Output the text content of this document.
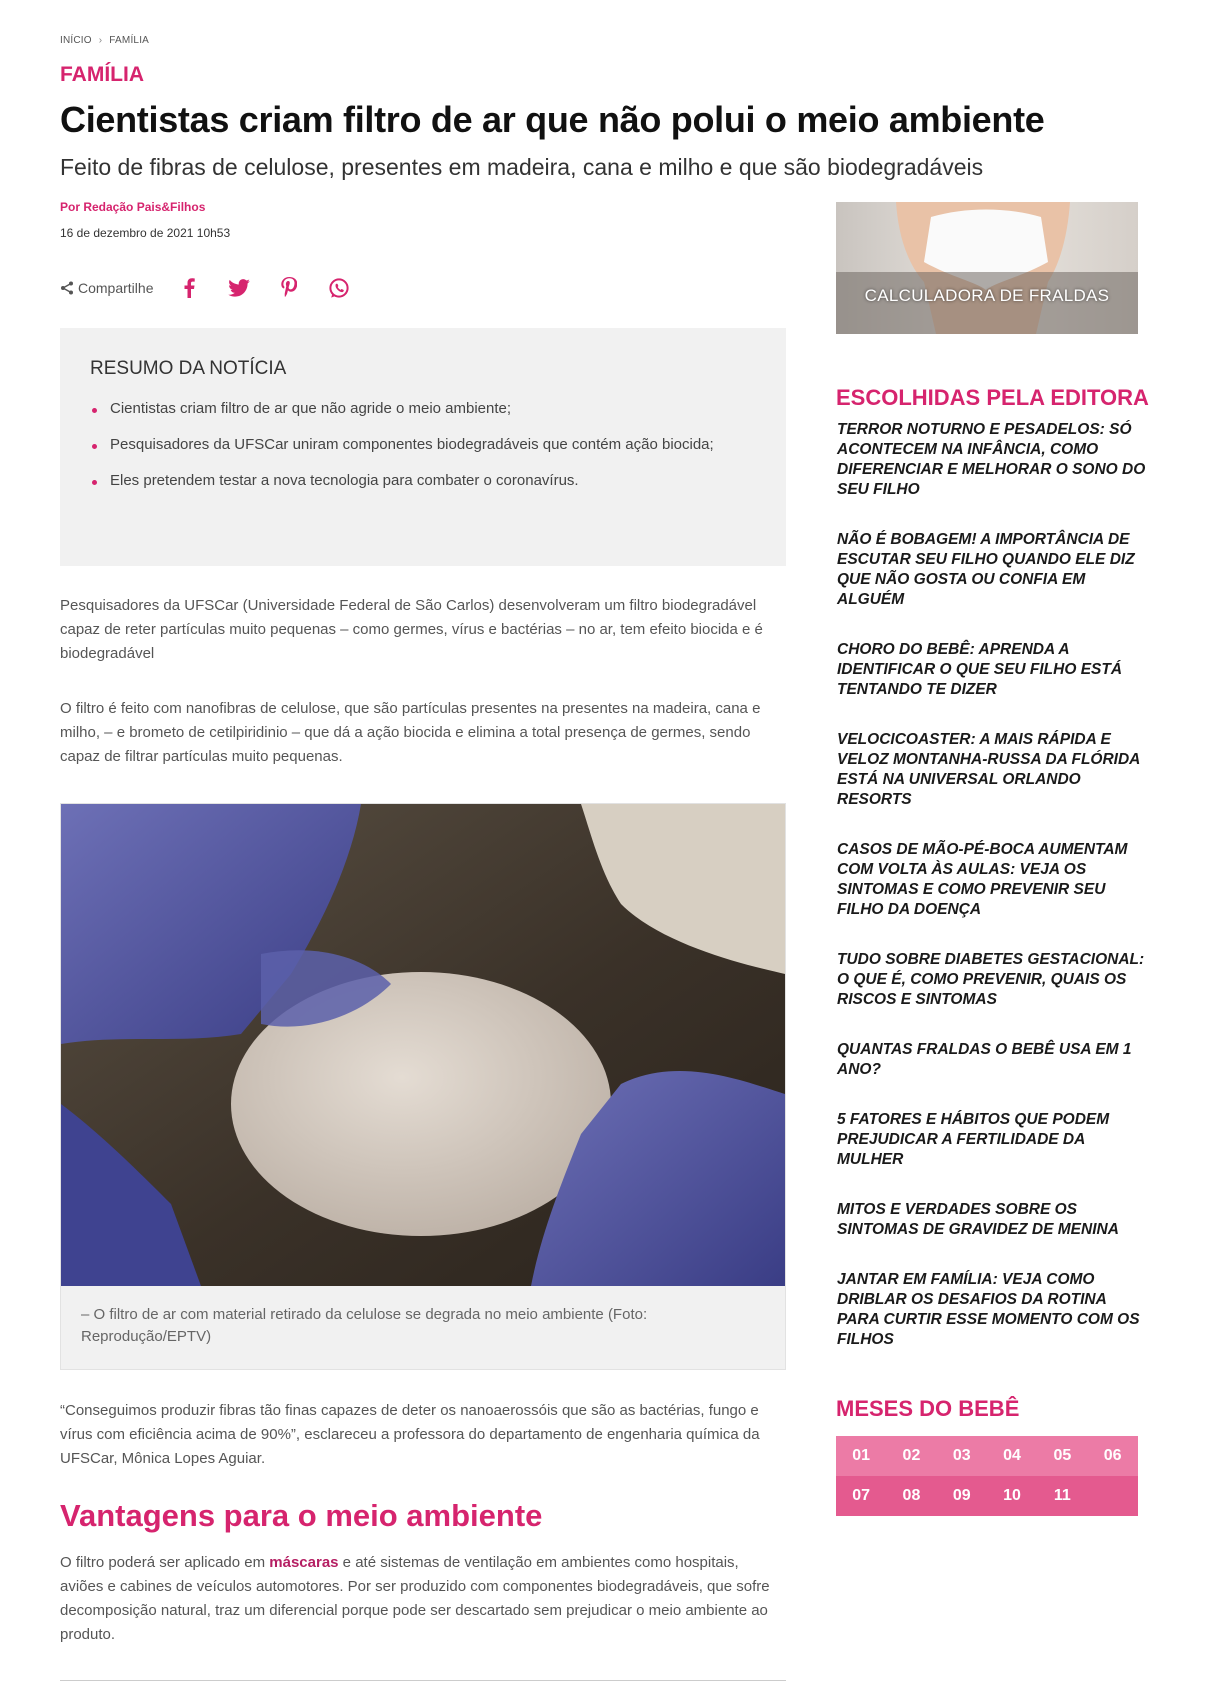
INÍCIO › FAMÍLIA
FAMÍLIA
Cientistas criam filtro de ar que não polui o meio ambiente
Feito de fibras de celulose, presentes em madeira, cana e milho e que são biodegradáveis
Por Redação Pais&Filhos
16 de dezembro de 2021 10h53
Compartilhe
RESUMO DA NOTÍCIA
Cientistas criam filtro de ar que não agride o meio ambiente;
Pesquisadores da UFSCar uniram componentes biodegradáveis que contém ação biocida;
Eles pretendem testar a nova tecnologia para combater o coronavírus.

Pesquisadores da UFSCar (Universidade Federal de São Carlos) desenvolveram um filtro biodegradável capaz de reter partículas muito pequenas – como germes, vírus e bactérias – no ar, tem efeito biocida e é biodegradável

O filtro é feito com nanofibras de celulose, que são partículas presentes na presentes na madeira, cana e milho, – e brometo de cetilpiridinio – que dá a ação biocida e elimina a total presença de germes, sendo capaz de filtrar partículas muito pequenas.

– O filtro de ar com material retirado da celulose se degrada no meio ambiente (Foto: Reprodução/EPTV)

“Conseguimos produzir fibras tão finas capazes de deter os nanoaerossóis que são as bactérias, fungo e vírus com eficiência acima de 90%”, esclareceu a professora do departamento de engenharia química da UFSCar, Mônica Lopes Aguiar.

Vantagens para o meio ambiente

O filtro poderá ser aplicado em máscaras e até sistemas de ventilação em ambientes como hospitais, aviões e cabines de veículos automotores. Por ser produzido com componentes biodegradáveis, que sofre decomposição natural, traz um diferencial porque pode ser descartado sem prejudicar o meio ambiente ao produto.

CALCULADORA DE FRALDAS
ESCOLHIDAS PELA EDITORA
TERROR NOTURNO E PESADELOS: SÓ ACONTECEM NA INFÂNCIA, COMO DIFERENCIAR E MELHORAR O SONO DO SEU FILHO
NÃO É BOBAGEM! A IMPORTÂNCIA DE ESCUTAR SEU FILHO QUANDO ELE DIZ QUE NÃO GOSTA OU CONFIA EM ALGUÉM
CHORO DO BEBÊ: APRENDA A IDENTIFICAR O QUE SEU FILHO ESTÁ TENTANDO TE DIZER
VELOCICOASTER: A MAIS RÁPIDA E VELOZ MONTANHA-RUSSA DA FLÓRIDA ESTÁ NA UNIVERSAL ORLANDO RESORTS
CASOS DE MÃO-PÉ-BOCA AUMENTAM COM VOLTA ÀS AULAS: VEJA OS SINTOMAS E COMO PREVENIR SEU FILHO DA DOENÇA
TUDO SOBRE DIABETES GESTACIONAL: O QUE É, COMO PREVENIR, QUAIS OS RISCOS E SINTOMAS
QUANTAS FRALDAS O BEBÊ USA EM 1 ANO?
5 FATORES E HÁBITOS QUE PODEM PREJUDICAR A FERTILIDADE DA MULHER
MITOS E VERDADES SOBRE OS SINTOMAS DE GRAVIDEZ DE MENINA
JANTAR EM FAMÍLIA: VEJA COMO DRIBLAR OS DESAFIOS DA ROTINA PARA CURTIR ESSE MOMENTO COM OS FILHOS
MESES DO BEBÊ
01	02	03	04	05	06
07	08	09	10	11
